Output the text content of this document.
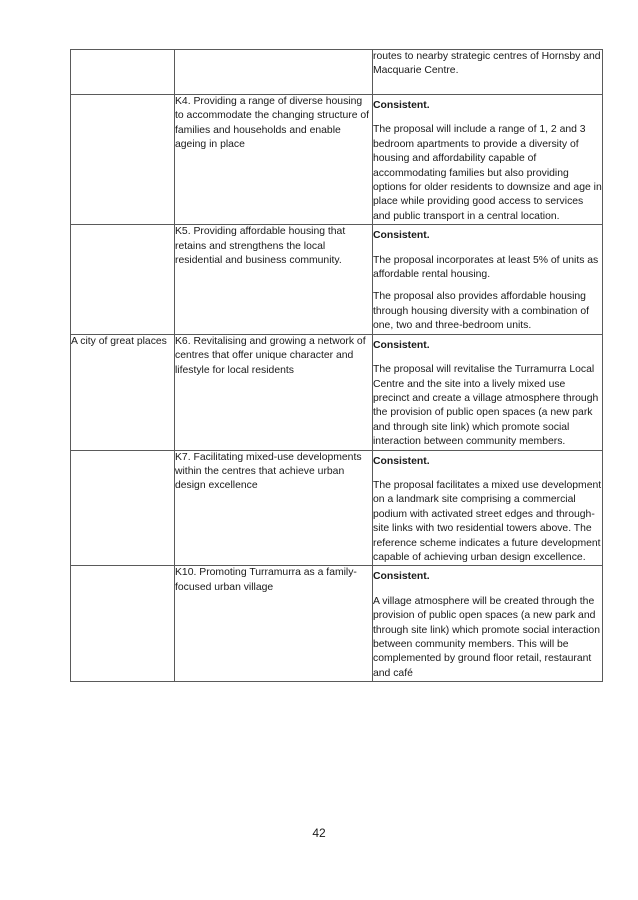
		routes to nearby strategic centres of Hornsby and Macquarie Centre.

	K4. Providing a range of diverse housing to accommodate the changing structure of families and households and enable ageing in place	Consistent.
The proposal will include a range of 1, 2 and 3 bedroom apartments to provide a diversity of housing and affordability capable of accommodating families but also providing options for older residents to downsize and age in place while providing good access to services and public transport in a central location.

	K5. Providing affordable housing that retains and strengthens the local residential and business community.	Consistent.
The proposal incorporates at least 5% of units as affordable rental housing.
The proposal also provides affordable housing through housing diversity with a combination of one, two and three-bedroom units.

A city of great places	K6. Revitalising and growing a network of centres that offer unique character and lifestyle for local residents	Consistent.
The proposal will revitalise the Turramurra Local Centre and the site into a lively mixed use precinct and create a village atmosphere through the provision of public open spaces (a new park and through site link) which promote social interaction between community members.

	K7. Facilitating mixed-use developments within the centres that achieve urban design excellence	Consistent.
The proposal facilitates a mixed use development on a landmark site comprising a commercial podium with activated street edges and through-site links with two residential towers above. The reference scheme indicates a future development capable of achieving urban design excellence.

	K10. Promoting Turramurra as a family-focused urban village	Consistent.
A village atmosphere will be created through the provision of public open spaces (a new park and through site link) which promote social interaction between community members. This will be complemented by ground floor retail, restaurant and café
42
